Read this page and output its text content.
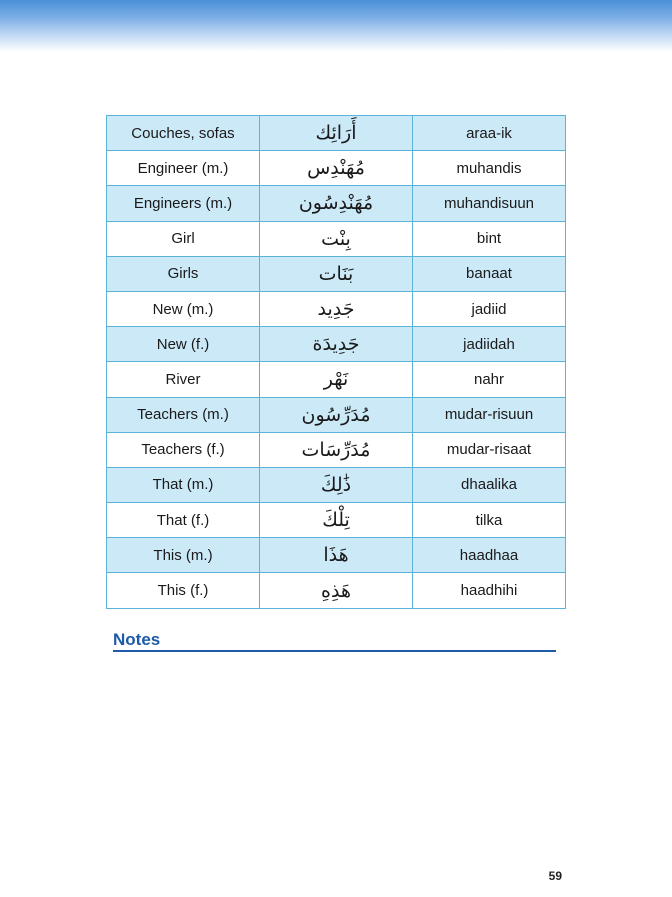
Couches, sofas	أَرَائِك	araa-ik
Engineer (m.)	مُهَنْدِس	muhandis
Engineers (m.)	مُهَنْدِسُون	muhandisuun
Girl	بِنْت	bint
Girls	بَنَات	banaat
New (m.)	جَدِيد	jadiid
New (f.)	جَدِيدَة	jadiidah
River	نَهْر	nahr
Teachers (m.)	مُدَرِّسُون	mudar-risuun
Teachers (f.)	مُدَرِّسَات	mudar-risaat
That (m.)	ذَٰلِكَ	dhaalika
That (f.)	تِلْكَ	tilka
This (m.)	هَذَا	haadhaa
This (f.)	هَذِهِ	haadhihi
Notes
59
